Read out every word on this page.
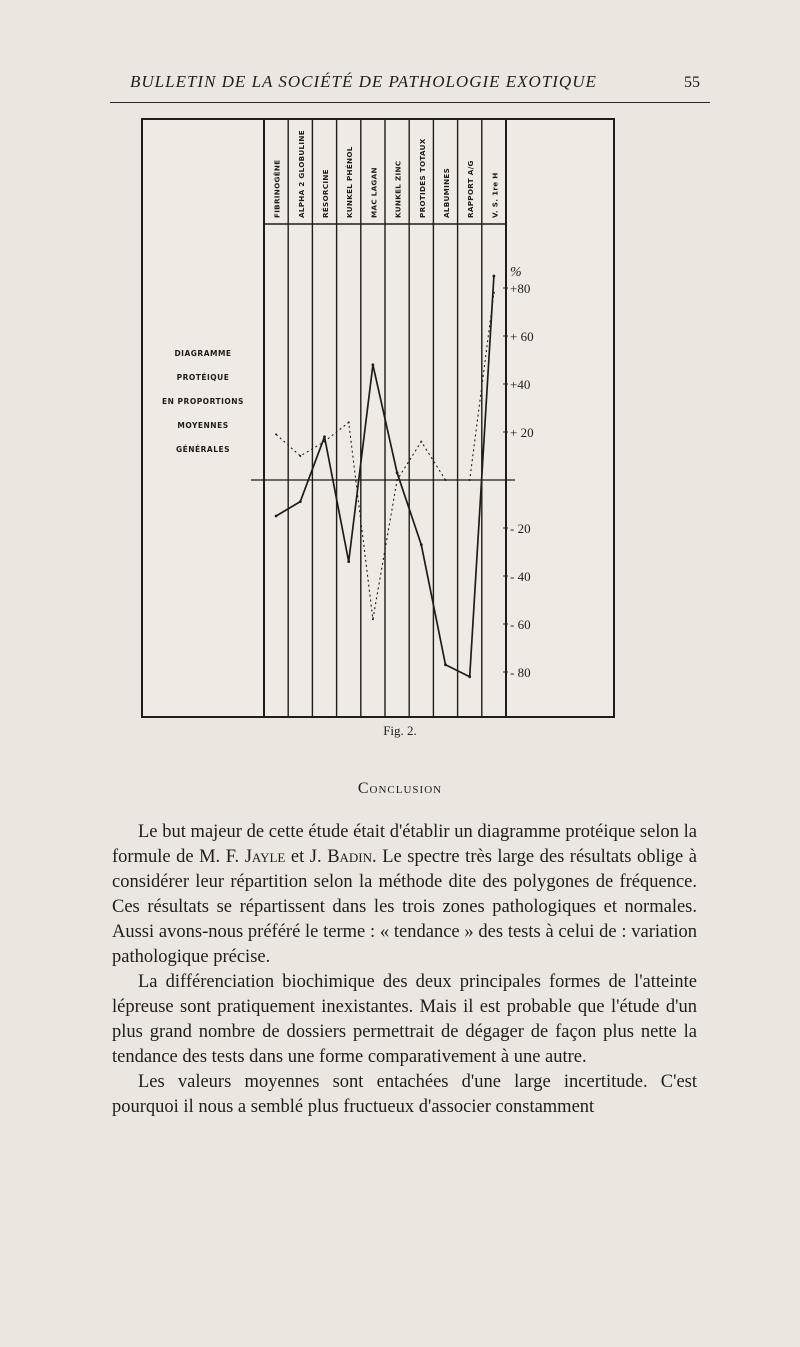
BULLETIN DE LA SOCIÉTÉ DE PATHOLOGIE EXOTIQUE	55
FIBRINOGÈNE ALPHA 2 GLOBULINE RÉSORCINE KUNKEL PHÉNOL MAC LAGAN KUNKEL ZINC PROTIDES TOTAUX ALBUMINES RAPPORT A/G V. S. 1re H
+80
+ 60
+40
+ 20
- 20
- 40
- 60
- 80
%
DIAGRAMME
PROTÉIQUE
EN PROPORTIONS
MOYENNES GÉNÉRALES
Fig. 2.
Conclusion

Le but majeur de cette étude était d'établir un diagramme protéique selon la formule de M. F. Jayle et J. Badin. Le spectre très large des résultats oblige à considérer leur répartition selon la méthode dite des polygones de fréquence. Ces résultats se répartissent dans les trois zones pathologiques et normales. Aussi avons-nous préféré le terme : « tendance » des tests à celui de : variation pathologique précise.

La différenciation biochimique des deux principales formes de l'atteinte lépreuse sont pratiquement inexistantes. Mais il est probable que l'étude d'un plus grand nombre de dossiers permettrait de dégager de façon plus nette la tendance des tests dans une forme comparativement à une autre.

Les valeurs moyennes sont entachées d'une large incertitude. C'est pourquoi il nous a semblé plus fructueux d'associer constamment
